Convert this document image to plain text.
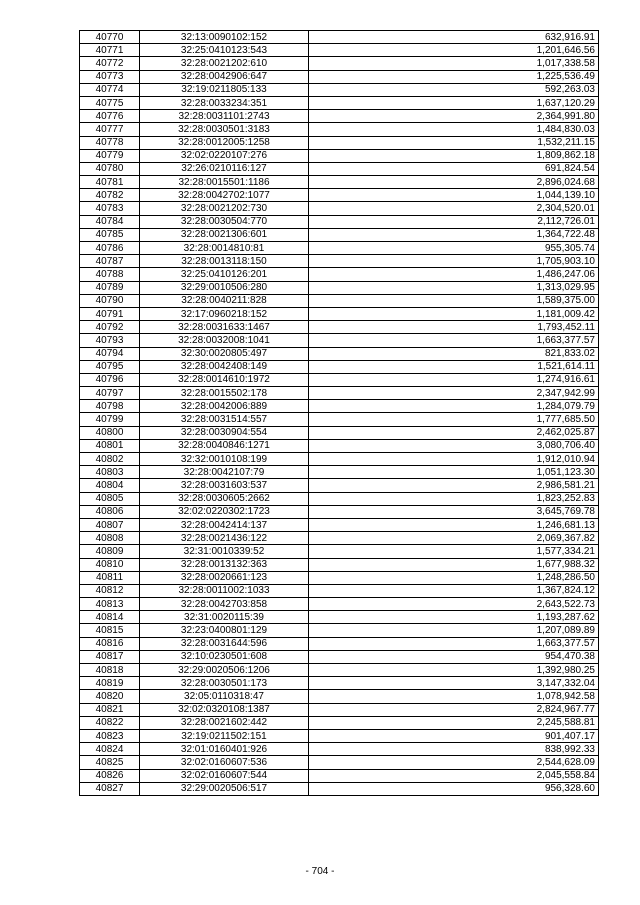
40770	32:13:0090102:152	632,916.91
40771	32:25:0410123:543	1,201,646.56
40772	32:28:0021202:610	1,017,338.58
40773	32:28:0042906:647	1,225,536.49
40774	32:19:0211805:133	592,263.03
40775	32:28:0033234:351	1,637,120.29
40776	32:28:0031101:2743	2,364,991.80
40777	32:28:0030501:3183	1,484,830.03
40778	32:28:0012005:1258	1,532,211.15
40779	32:02:0220107:276	1,809,862.18
40780	32:26:0210116:127	691,824.54
40781	32:28:0015501:1186	2,896,024.68
40782	32:28:0042702:1077	1,044,139.10
40783	32:28:0021202:730	2,304,520.01
40784	32:28:0030504:770	2,112,726.01
40785	32:28:0021306:601	1,364,722.48
40786	32:28:0014810:81	955,305.74
40787	32:28:0013118:150	1,705,903.10
40788	32:25:0410126:201	1,486,247.06
40789	32:29:0010506:280	1,313,029.95
40790	32:28:0040211:828	1,589,375.00
40791	32:17:0960218:152	1,181,009.42
40792	32:28:0031633:1467	1,793,452.11
40793	32:28:0032008:1041	1,663,377.57
40794	32:30:0020805:497	821,833.02
40795	32:28:0042408:149	1,521,614.11
40796	32:28:0014610:1972	1,274,916.61
40797	32:28:0015502:178	2,347,942.99
40798	32:28:0042006:889	1,284,079.79
40799	32:28:0031514:557	1,777,685.50
40800	32:28:0030904:554	2,462,025.87
40801	32:28:0040846:1271	3,080,706.40
40802	32:32:0010108:199	1,912,010.94
40803	32:28:0042107:79	1,051,123.30
40804	32:28:0031603:537	2,986,581.21
40805	32:28:0030605:2662	1,823,252.83
40806	32:02:0220302:1723	3,645,769.78
40807	32:28:0042414:137	1,246,681.13
40808	32:28:0021436:122	2,069,367.82
40809	32:31:0010339:52	1,577,334.21
40810	32:28:0013132:363	1,677,988.32
40811	32:28:0020661:123	1,248,286.50
40812	32:28:0011002:1033	1,367,824.12
40813	32:28:0042703:858	2,643,522.73
40814	32:31:0020115:39	1,193,287.62
40815	32:23:0400801:129	1,207,089.89
40816	32:28:0031644:596	1,663,377.57
40817	32:10:0230501:608	954,470.38
40818	32:29:0020506:1206	1,392,980.25
40819	32:28:0030501:173	3,147,332.04
40820	32:05:0110318:47	1,078,942.58
40821	32:02:0320108:1387	2,824,967.77
40822	32:28:0021602:442	2,245,588.81
40823	32:19:0211502:151	901,407.17
40824	32:01:0160401:926	838,992.33
40825	32:02:0160607:536	2,544,628.09
40826	32:02:0160607:544	2,045,558.84
40827	32:29:0020506:517	956,328.60
- 704 -
